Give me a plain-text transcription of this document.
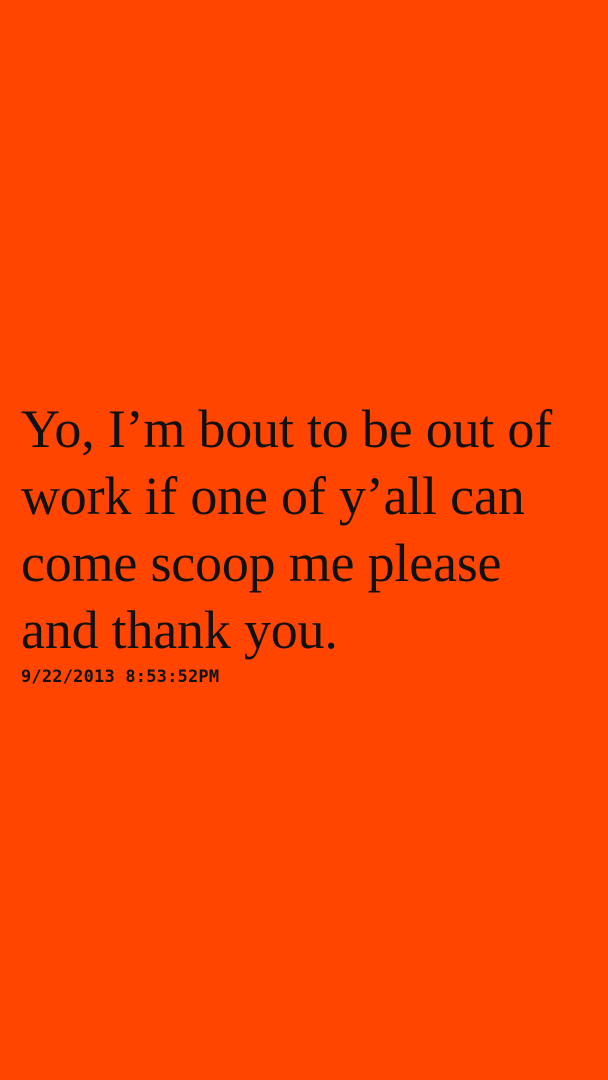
Yo, I’m bout to be out of work if one of y’all can come scoop me please and thank you.

9/22/2013 8:53:52PM
